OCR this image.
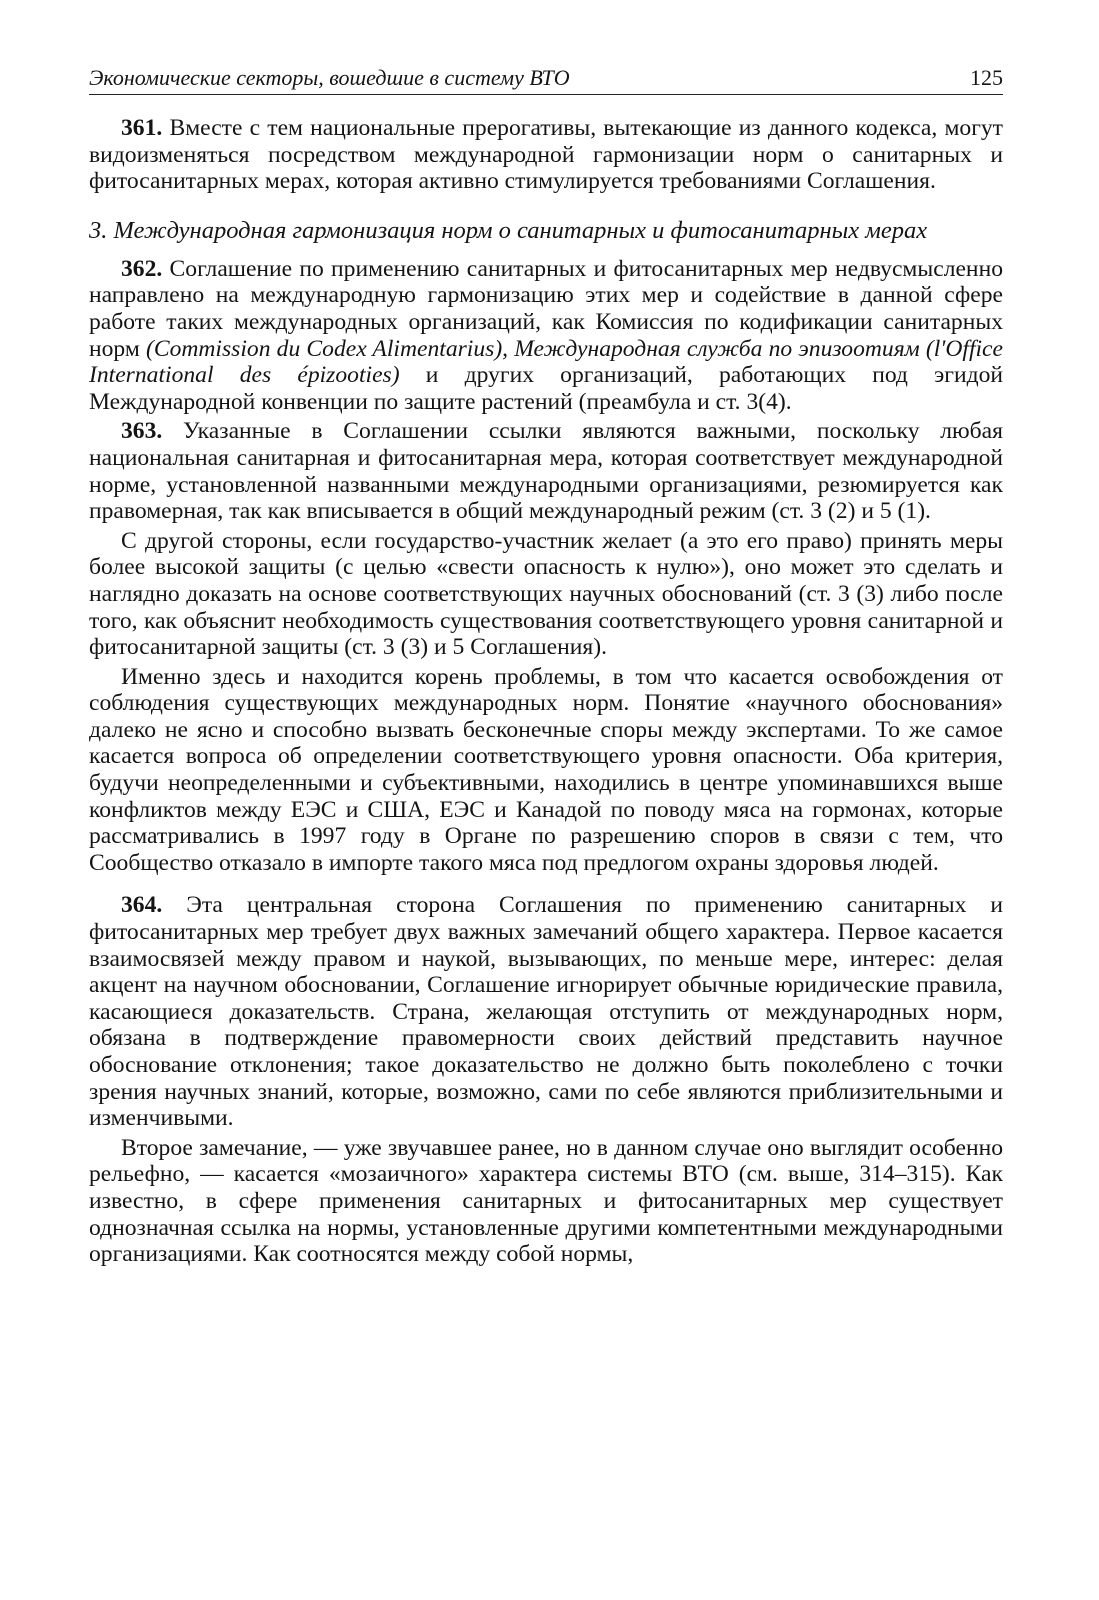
Экономические секторы, вошедшие в систему ВТО	125

361. Вместе с тем национальные прерогативы, вытекающие из данного кодекса, могут видоизменяться посредством международной гармонизации норм о санитарных и фитосанитарных мерах, которая активно стимулируется требованиями Соглашения.

3. Международная гармонизация норм о санитарных и фитосанитарных мерах

362. Соглашение по применению санитарных и фитосанитарных мер недвусмысленно направлено на международную гармонизацию этих мер и содействие в данной сфере работе таких международных организаций, как Комиссия по кодификации санитарных норм (Commission du Codex Alimentarius), Международная служба по эпизоотиям (l'Office International des épizooties) и других организаций, работающих под эгидой Международной конвенции по защите растений (преамбула и ст. 3(4).

363. Указанные в Соглашении ссылки являются важными, поскольку любая национальная санитарная и фитосанитарная мера, которая соответствует международной норме, установленной названными международными организациями, резюмируется как правомерная, так как вписывается в общий международный режим (ст. 3 (2) и 5 (1).

С другой стороны, если государство-участник желает (а это его право) принять меры более высокой защиты (с целью «свести опасность к нулю»), оно может это сделать и наглядно доказать на основе соответствующих научных обоснований (ст. 3 (3) либо после того, как объяснит необходимость существования соответствующего уровня санитарной и фитосанитарной защиты (ст. 3 (3) и 5 Соглашения).

Именно здесь и находится корень проблемы, в том что касается освобождения от соблюдения существующих международных норм. Понятие «научного обоснования» далеко не ясно и способно вызвать бесконечные споры между экспертами. То же самое касается вопроса об определении соответствующего уровня опасности. Оба критерия, будучи неопределенными и субъективными, находились в центре упоминавшихся выше конфликтов между ЕЭС и США, ЕЭС и Канадой по поводу мяса на гормонах, которые рассматривались в 1997 году в Органе по разрешению споров в связи с тем, что Сообщество отказало в импорте такого мяса под предлогом охраны здоровья людей.

364. Эта центральная сторона Соглашения по применению санитарных и фитосанитарных мер требует двух важных замечаний общего характера. Первое касается взаимосвязей между правом и наукой, вызывающих, по меньше мере, интерес: делая акцент на научном обосновании, Соглашение игнорирует обычные юридические правила, касающиеся доказательств. Страна, желающая отступить от международных норм, обязана в подтверждение правомерности своих действий представить научное обоснование отклонения; такое доказательство не должно быть поколеблено с точки зрения научных знаний, которые, возможно, сами по себе являются приблизительными и изменчивыми.

Второе замечание, — уже звучавшее ранее, но в данном случае оно выглядит особенно рельефно, — касается «мозаичного» характера системы ВТО (см. выше, 314–315). Как известно, в сфере применения санитарных и фитосанитарных мер существует однозначная ссылка на нормы, установленные другими компетентными международными организациями. Как соотносятся между собой нормы,
